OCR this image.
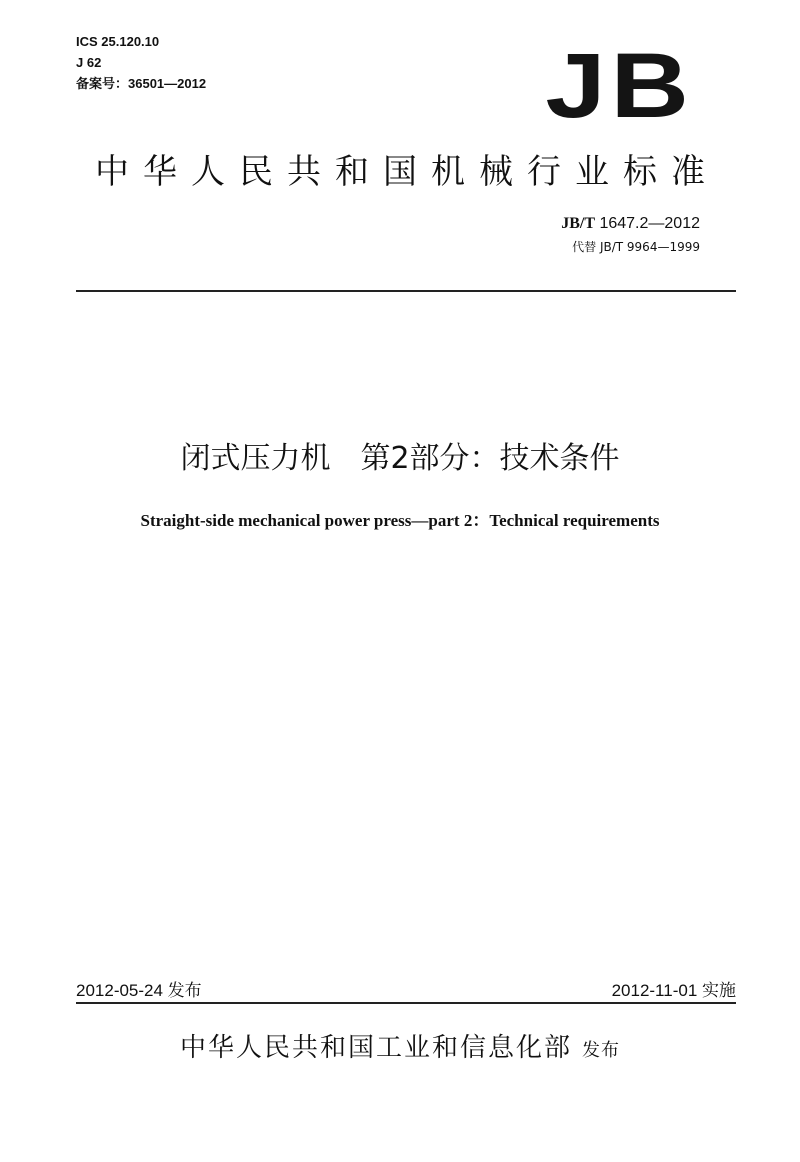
ICS 25.120.10
J 62
备案号：36501—2012	JB
中华人民共和国机械行业标准
JB/T 1647.2—2012
代替 JB/T 9964—1999
闭式压力机　第2部分：技术条件
Straight-side mechanical power press—part 2：Technical requirements
2012-05-24 发布	2012-11-01 实施
中华人民共和国工业和信息化部 发布
